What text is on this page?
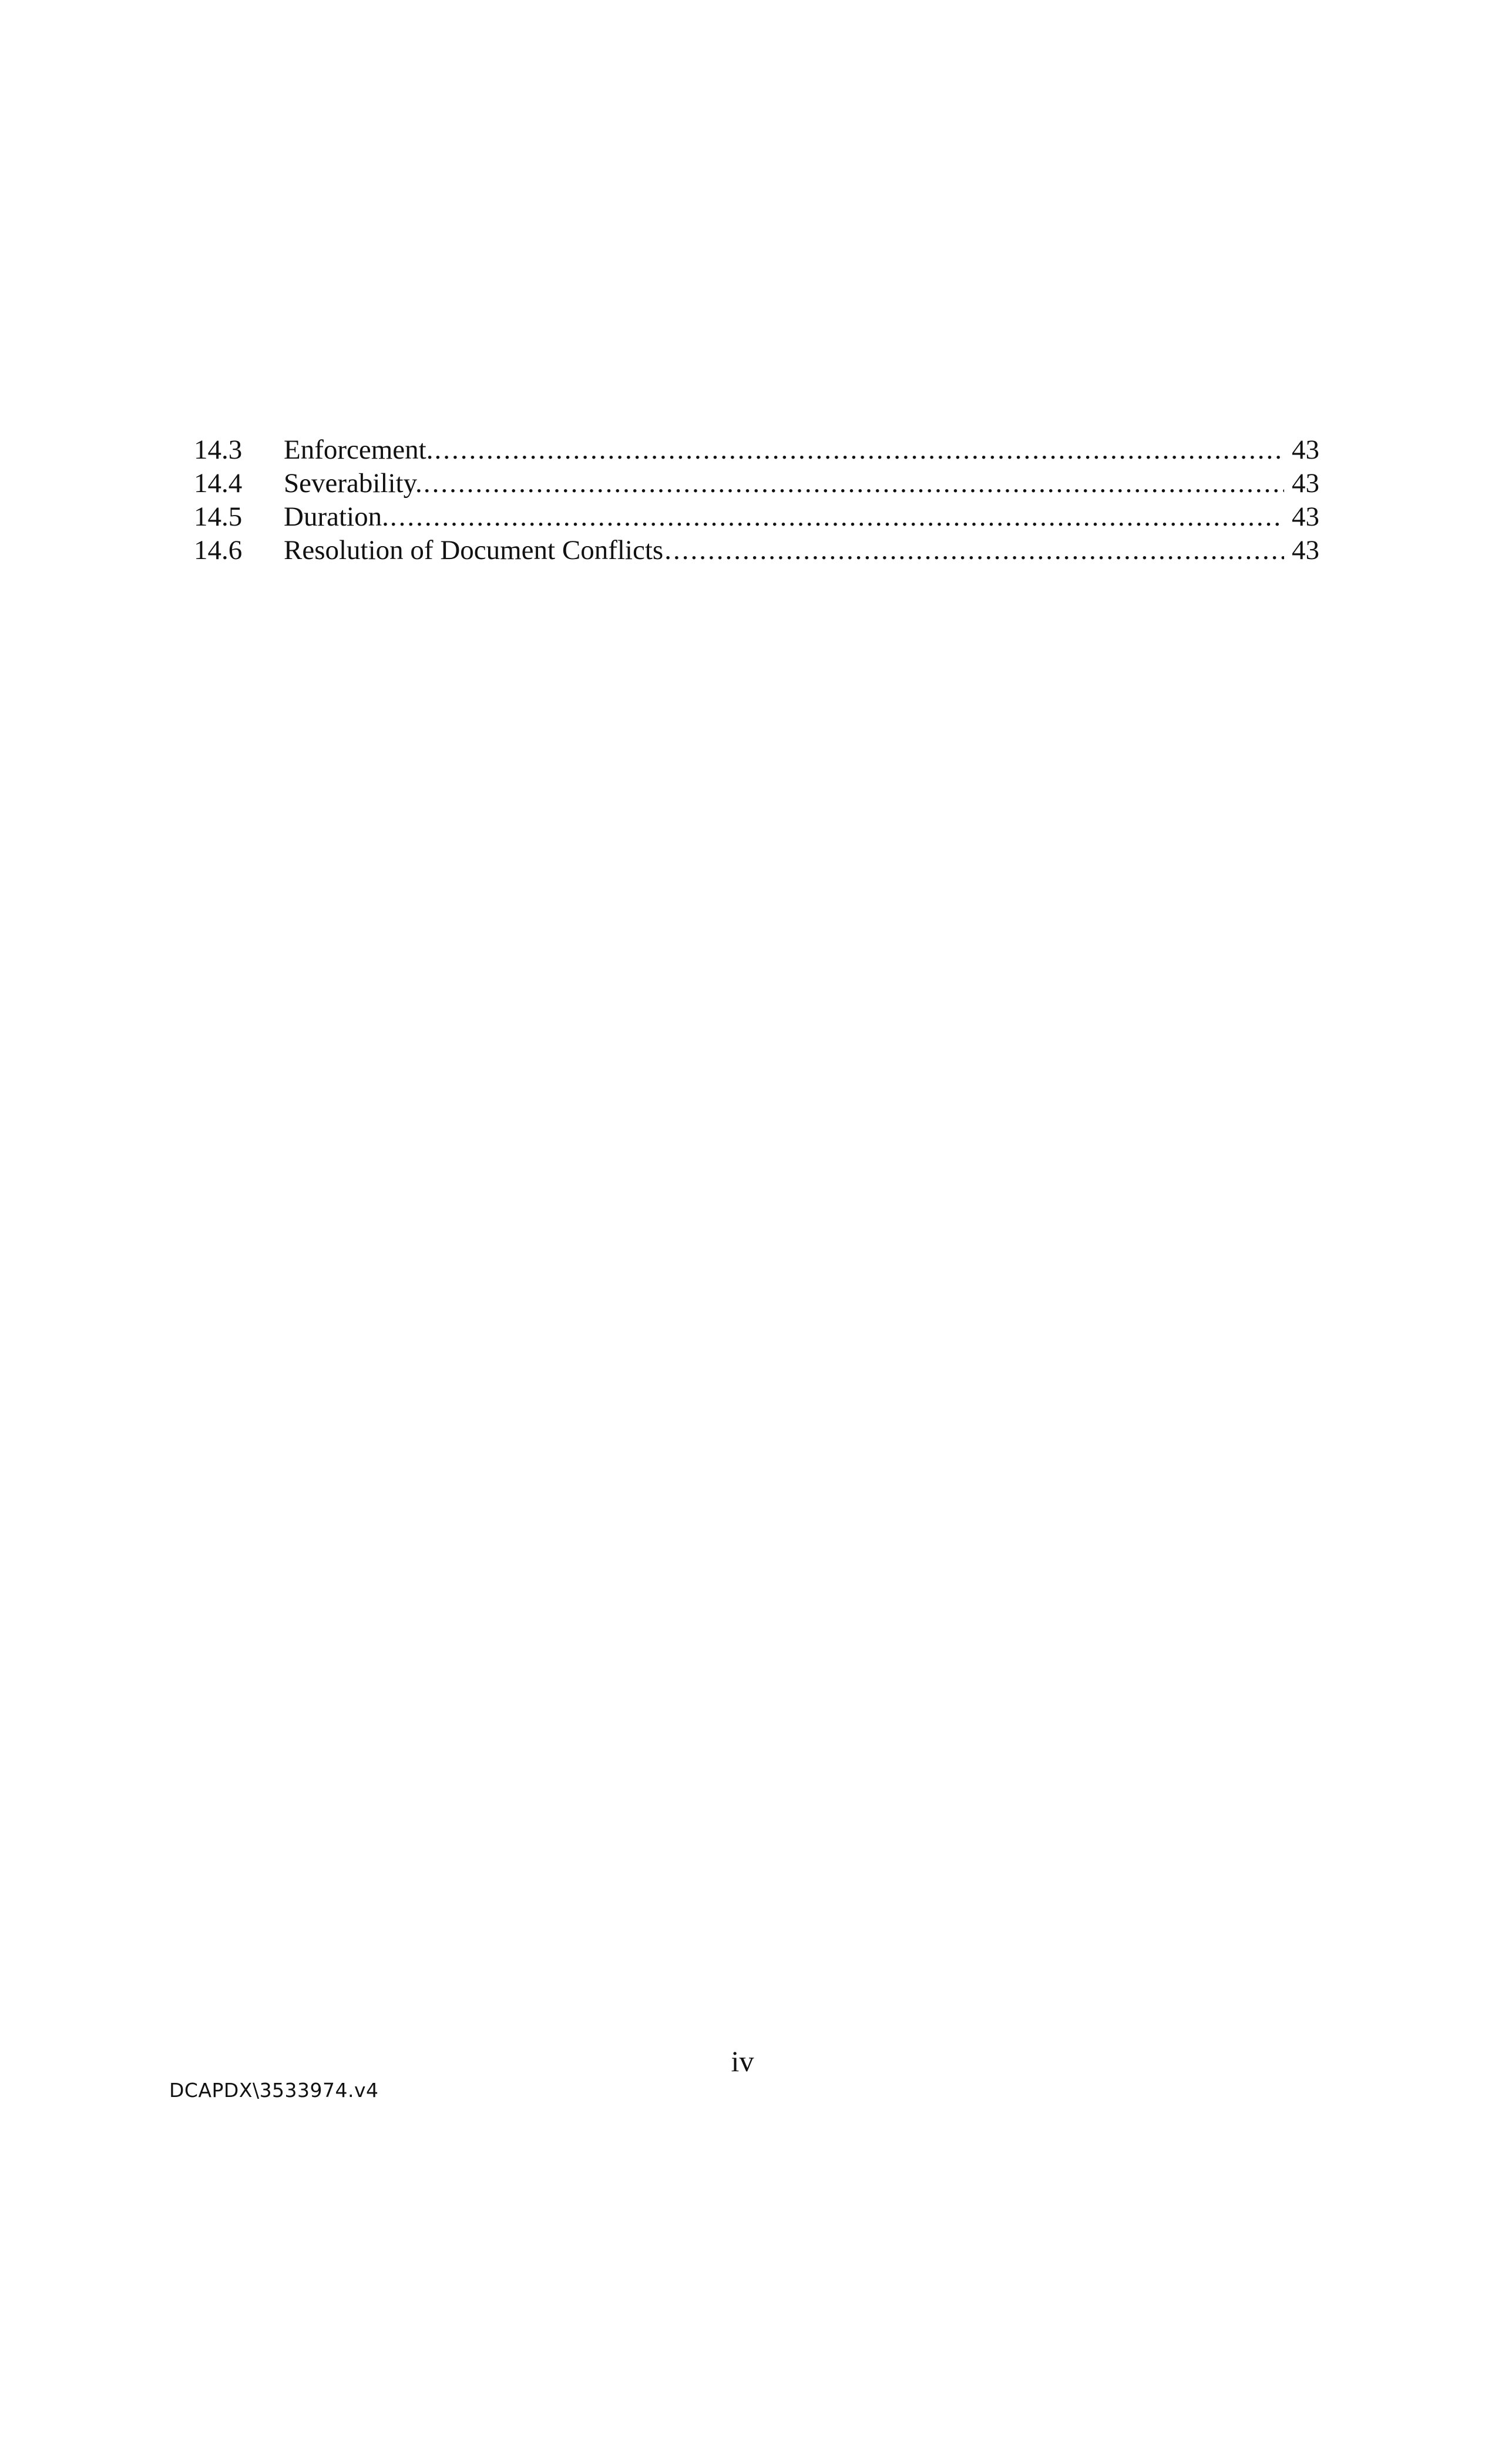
14.3	Enforcement. .....	43
14.4	Severability. .....	43
14.5	Duration. .....	43
14.6	Resolution of Document Conflicts .....	43
iv
DCAPDX\3533974.v4
